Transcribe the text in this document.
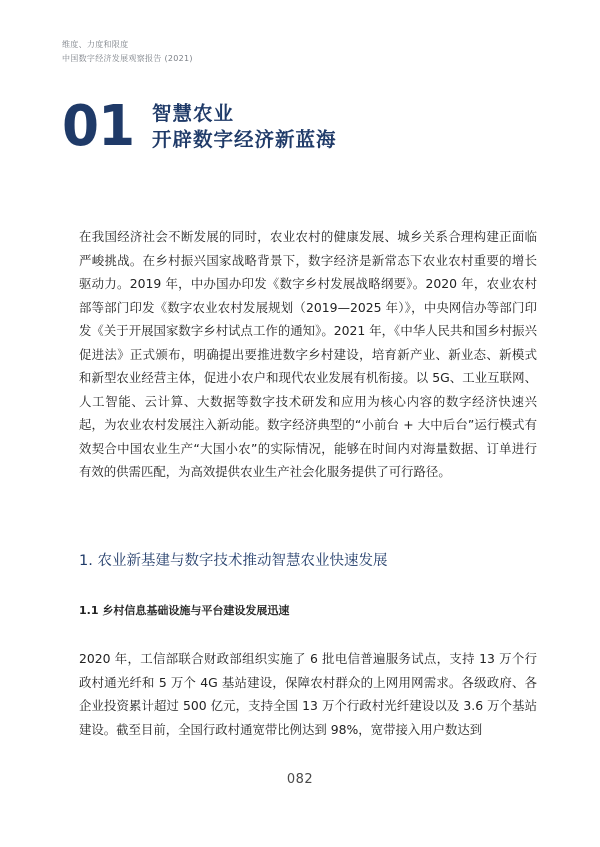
维度、力度和限度
中国数字经济发展观察报告 (2021)
01 智慧农业
开辟数字经济新蓝海

在我国经济社会不断发展的同时，农业农村的健康发展、城乡关系合理构建正面临严峻挑战。在乡村振兴国家战略背景下，数字经济是新常态下农业农村重要的增长驱动力。2019 年，中办国办印发《数字乡村发展战略纲要》。2020 年，农业农村部等部门印发《数字农业农村发展规划（2019—2025 年）》，中央网信办等部门印发《关于开展国家数字乡村试点工作的通知》。2021 年，《中华人民共和国乡村振兴促进法》正式颁布，明确提出要推进数字乡村建设，培育新产业、新业态、新模式和新型农业经营主体，促进小农户和现代农业发展有机衔接。以 5G、工业互联网、人工智能、云计算、大数据等数字技术研发和应用为核心内容的数字经济快速兴起，为农业农村发展注入新动能。数字经济典型的“小前台 + 大中后台”运行模式有效契合中国农业生产“大国小农”的实际情况，能够在时间内对海量数据、订单进行有效的供需匹配，为高效提供农业生产社会化服务提供了可行路径。

1. 农业新基建与数字技术推动智慧农业快速发展
1.1 乡村信息基础设施与平台建设发展迅速

2020 年，工信部联合财政部组织实施了 6 批电信普遍服务试点，支持 13 万个行政村通光纤和 5 万个 4G 基站建设，保障农村群众的上网用网需求。各级政府、各企业投资累计超过 500 亿元，支持全国 13 万个行政村光纤建设以及 3.6 万个基站建设。截至目前，全国行政村通宽带比例达到 98%，宽带接入用户数达到

082
